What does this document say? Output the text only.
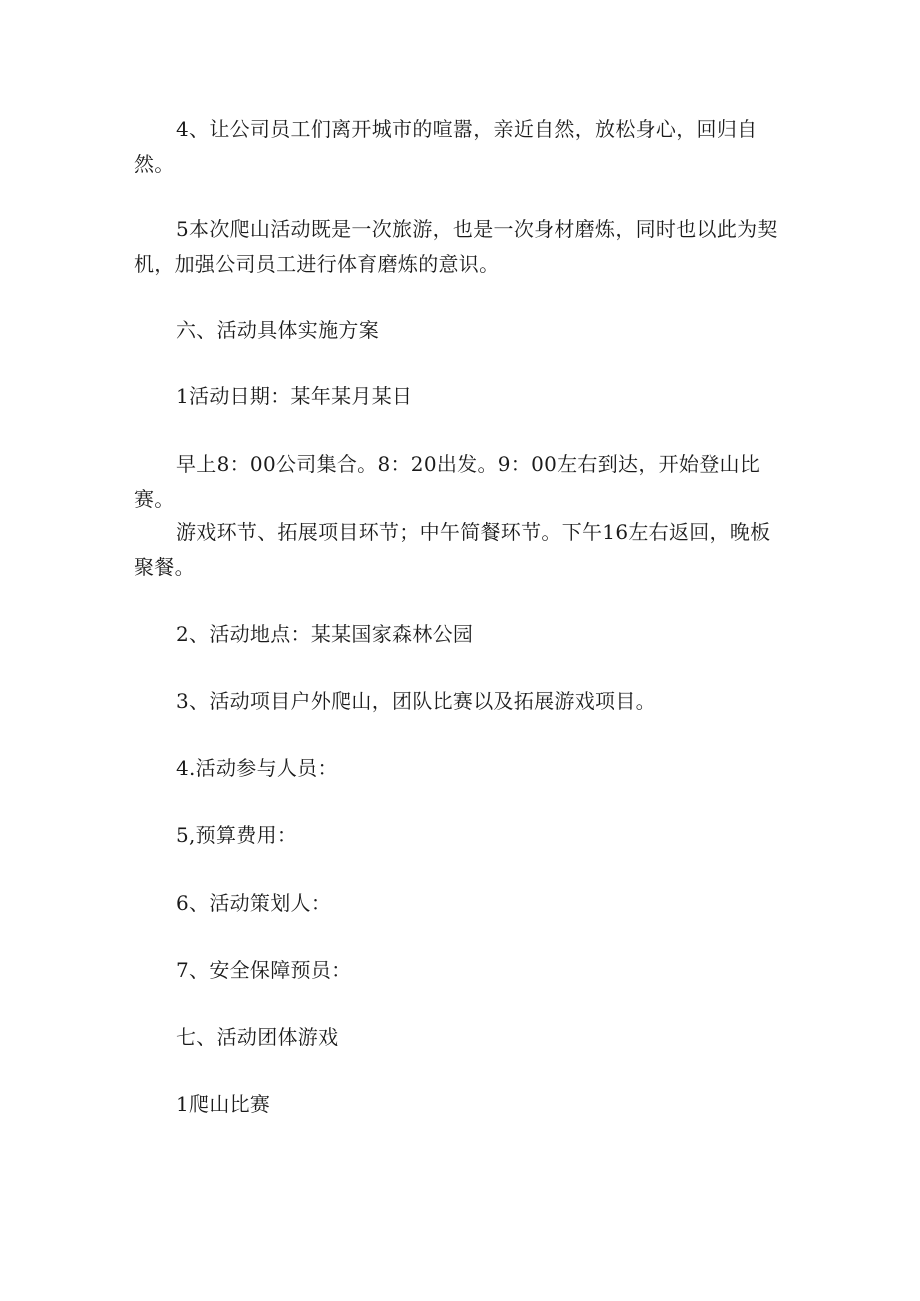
4、让公司员工们离开城市的喧嚣，亲近自然，放松身心，回归自然。

5本次爬山活动既是一次旅游，也是一次身材磨炼，同时也以此为契机，加强公司员工进行体育磨炼的意识。

六、活动具体实施方案

1活动日期：某年某月某日

早上8：00公司集合。8：20出发。9：00左右到达，开始登山比赛。

游戏环节、拓展项目环节；中午简餐环节。下午16左右返回，晚板聚餐。

2、活动地点：某某国家森林公园

3、活动项目户外爬山，团队比赛以及拓展游戏项目。

4.活动参与人员：

5,预算费用：

6、活动策划人：

7、安全保障预员：

七、活动团体游戏

1爬山比赛
